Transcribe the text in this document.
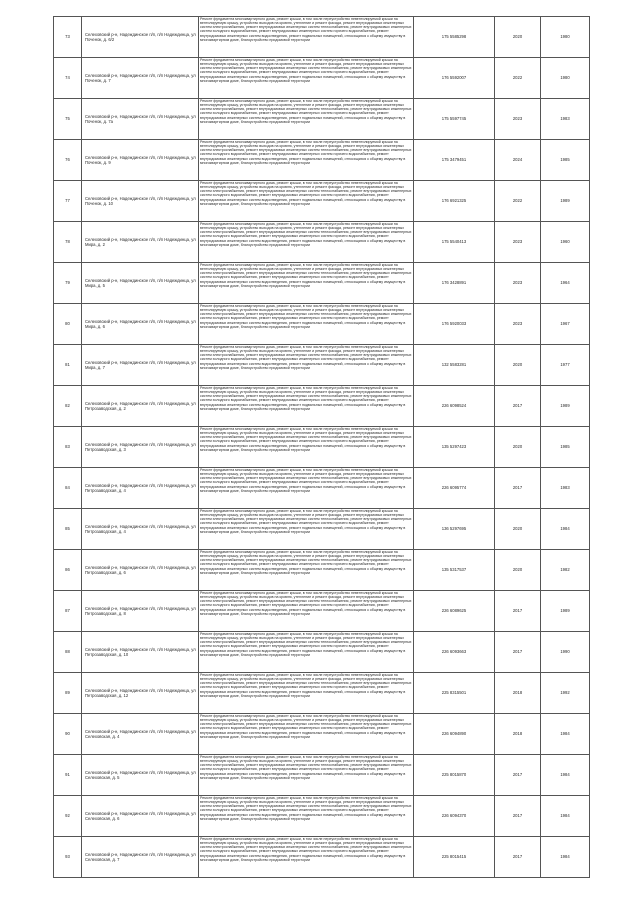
73	Селеховский р-н, Надеждинское п/п, п/п Надеждинца, ул Поченок, д. 6/2	Ремонт фундамента многоквартирного дома, ремонт крыши, в том числе переустройство невентилируемой крыши на вентилируемую крышу, устройство выходов на кровлю, утепление и ремонт фасада, ремонт внутридомовых инженерных систем электроснабжения, ремонт внутридомовых инженерных систем теплоснабжения, ремонт внутридомовых инженерных систем холодного водоснабжения, ремонт внутридомовых инженерных систем горячего водоснабжения, ремонт внутридомовых инженерных систем водоотведения, ремонт подвальных помещений, относящихся к общему имуществу в многоквартирном доме, благоустройство придомовой территории	175 5585298	2020	1980
74	Селеховский р-н, Надеждинское п/п, п/п Надеждинца, ул Поченок, д. 7	Ремонт фундамента многоквартирного дома, ремонт крыши, в том числе переустройство невентилируемой крыши на вентилируемую крышу, устройство выходов на кровлю, утепление и ремонт фасада, ремонт внутридомовых инженерных систем электроснабжения, ремонт внутридомовых инженерных систем теплоснабжения, ремонт внутридомовых инженерных систем холодного водоснабжения, ремонт внутридомовых инженерных систем горячего водоснабжения, ремонт внутридомовых инженерных систем водоотведения, ремонт подвальных помещений, относящихся к общему имуществу в многоквартирном доме, благоустройство придомовой территории	176 5592007	2022	1980
75	Селеховский р-н, Надеждинское п/п, п/п Надеждинца, ул Поченок, д. 7а	Ремонт фундамента многоквартирного дома, ремонт крыши, в том числе переустройство невентилируемой крыши на вентилируемую крышу, устройство выходов на кровлю, утепление и ремонт фасада, ремонт внутридомовых инженерных систем электроснабжения, ремонт внутридомовых инженерных систем теплоснабжения, ремонт внутридомовых инженерных систем холодного водоснабжения, ремонт внутридомовых инженерных систем горячего водоснабжения, ремонт внутридомовых инженерных систем водоотведения, ремонт подвальных помещений, относящихся к общему имуществу в многоквартирном доме, благоустройство придомовой территории	175 5597745	2023	1983
76	Селеховский р-н, Надеждинское п/п, п/п Надеждинца, ул Поченок, д. 9	Ремонт фундамента многоквартирного дома, ремонт крыши, в том числе переустройство невентилируемой крыши на вентилируемую крышу, устройство выходов на кровлю, утепление и ремонт фасада, ремонт внутридомовых инженерных систем электроснабжения, ремонт внутридомовых инженерных систем теплоснабжения, ремонт внутридомовых инженерных систем холодного водоснабжения, ремонт внутридомовых инженерных систем горячего водоснабжения, ремонт внутридомовых инженерных систем водоотведения, ремонт подвальных помещений, относящихся к общему имуществу в многоквартирном доме, благоустройство придомовой территории	175 3479451	2024	1985
77	Селеховский р-н, Надеждинское п/п, п/п Надеждинца, ул Поченок, д. 10	Ремонт фундамента многоквартирного дома, ремонт крыши, в том числе переустройство невентилируемой крыши на вентилируемую крышу, устройство выходов на кровлю, утепление и ремонт фасада, ремонт внутридомовых инженерных систем электроснабжения, ремонт внутридомовых инженерных систем теплоснабжения, ремонт внутридомовых инженерных систем холодного водоснабжения, ремонт внутридомовых инженерных систем горячего водоснабжения, ремонт внутридомовых инженерных систем водоотведения, ремонт подвальных помещений, относящихся к общему имуществу в многоквартирном доме, благоустройство придомовой территории	176 6921325	2022	1989
78	Селеховский р-н, Надеждинское п/п, п/п Надеждинца, ул Мира, д. 2	Ремонт фундамента многоквартирного дома, ремонт крыши, в том числе переустройство невентилируемой крыши на вентилируемую крышу, устройство выходов на кровлю, утепление и ремонт фасада, ремонт внутридомовых инженерных систем электроснабжения, ремонт внутридомовых инженерных систем теплоснабжения, ремонт внутридомовых инженерных систем холодного водоснабжения, ремонт внутридомовых инженерных систем горячего водоснабжения, ремонт внутридомовых инженерных систем водоотведения, ремонт подвальных помещений, относящихся к общему имуществу в многоквартирном доме, благоустройство придомовой территории	175 5540413	2023	1960
79	Селеховский р-н, Надеждинское п/п, п/п Надеждинца, ул Мира, д. 5	Ремонт фундамента многоквартирного дома, ремонт крыши, в том числе переустройство невентилируемой крыши на вентилируемую крышу, устройство выходов на кровлю, утепление и ремонт фасада, ремонт внутридомовых инженерных систем электроснабжения, ремонт внутридомовых инженерных систем теплоснабжения, ремонт внутридомовых инженерных систем холодного водоснабжения, ремонт внутридомовых инженерных систем горячего водоснабжения, ремонт внутридомовых инженерных систем водоотведения, ремонт подвальных помещений, относящихся к общему имуществу в многоквартирном доме, благоустройство придомовой территории	176 3428891	2023	1964
80	Селеховский р-н, Надеждинское п/п, п/п Надеждинца, ул Мира, д. 6	Ремонт фундамента многоквартирного дома, ремонт крыши, в том числе переустройство невентилируемой крыши на вентилируемую крышу, устройство выходов на кровлю, утепление и ремонт фасада, ремонт внутридомовых инженерных систем электроснабжения, ремонт внутридомовых инженерных систем теплоснабжения, ремонт внутридомовых инженерных систем холодного водоснабжения, ремонт внутридомовых инженерных систем горячего водоснабжения, ремонт внутридомовых инженерных систем водоотведения, ремонт подвальных помещений, относящихся к общему имуществу в многоквартирном доме, благоустройство придомовой территории	176 5920033	2023	1967
81	Селеховский р-н, Надеждинское п/п, п/п Надеждинца, ул Мира, д. 7	Ремонт фундамента многоквартирного дома, ремонт крыши, в том числе переустройство невентилируемой крыши на вентилируемую крышу, устройство выходов на кровлю, утепление и ремонт фасада, ремонт внутридомовых инженерных систем электроснабжения, ремонт внутридомовых инженерных систем теплоснабжения, ремонт внутридомовых инженерных систем холодного водоснабжения, ремонт внутридомовых инженерных систем горячего водоснабжения, ремонт внутридомовых инженерных систем водоотведения, ремонт подвальных помещений, относящихся к общему имуществу в многоквартирном доме, благоустройство придомовой территории	132 5583281	2020	1977
82	Селеховский р-н, Надеждинское п/п, п/п Надеждинца, ул Петрозаводская, д. 2	Ремонт фундамента многоквартирного дома, ремонт крыши, в том числе переустройство невентилируемой крыши на вентилируемую крышу, устройство выходов на кровлю, утепление и ремонт фасада, ремонт внутридомовых инженерных систем электроснабжения, ремонт внутридомовых инженерных систем теплоснабжения, ремонт внутридомовых инженерных систем холодного водоснабжения, ремонт внутридомовых инженерных систем горячего водоснабжения, ремонт внутридомовых инженерных систем водоотведения, ремонт подвальных помещений, относящихся к общему имуществу в многоквартирном доме, благоустройство придомовой территории	226 6098524	2017	1989
83	Селеховский р-н, Надеждинское п/п, п/п Надеждинца, ул Петрозаводская, д. 3	Ремонт фундамента многоквартирного дома, ремонт крыши, в том числе переустройство невентилируемой крыши на вентилируемую крышу, устройство выходов на кровлю, утепление и ремонт фасада, ремонт внутридомовых инженерных систем электроснабжения, ремонт внутридомовых инженерных систем теплоснабжения, ремонт внутридомовых инженерных систем холодного водоснабжения, ремонт внутридомовых инженерных систем горячего водоснабжения, ремонт внутридомовых инженерных систем водоотведения, ремонт подвальных помещений, относящихся к общему имуществу в многоквартирном доме, благоустройство придомовой территории	135 5297423	2020	1985
84	Селеховский р-н, Надеждинское п/п, п/п Надеждинца, ул Петрозаводская, д. 4	Ремонт фундамента многоквартирного дома, ремонт крыши, в том числе переустройство невентилируемой крыши на вентилируемую крышу, устройство выходов на кровлю, утепление и ремонт фасада, ремонт внутридомовых инженерных систем электроснабжения, ремонт внутридомовых инженерных систем теплоснабжения, ремонт внутридомовых инженерных систем холодного водоснабжения, ремонт внутридомовых инженерных систем горячего водоснабжения, ремонт внутридомовых инженерных систем водоотведения, ремонт подвальных помещений, относящихся к общему имуществу в многоквартирном доме, благоустройство придомовой территории	226 6095774	2017	1983
85	Селеховский р-н, Надеждинское п/п, п/п Надеждинца, ул Петрозаводская, д. 4	Ремонт фундамента многоквартирного дома, ремонт крыши, в том числе переустройство невентилируемой крыши на вентилируемую крышу, устройство выходов на кровлю, утепление и ремонт фасада, ремонт внутридомовых инженерных систем электроснабжения, ремонт внутридомовых инженерных систем теплоснабжения, ремонт внутридомовых инженерных систем холодного водоснабжения, ремонт внутридомовых инженерных систем горячего водоснабжения, ремонт внутридомовых инженерных систем водоотведения, ремонт подвальных помещений, относящихся к общему имуществу в многоквартирном доме, благоустройство придомовой территории	136 5297695	2020	1984
86	Селеховский р-н, Надеждинское п/п, п/п Надеждинца, ул Петрозаводская, д. 6	Ремонт фундамента многоквартирного дома, ремонт крыши, в том числе переустройство невентилируемой крыши на вентилируемую крышу, устройство выходов на кровлю, утепление и ремонт фасада, ремонт внутридомовых инженерных систем электроснабжения, ремонт внутридомовых инженерных систем теплоснабжения, ремонт внутридомовых инженерных систем холодного водоснабжения, ремонт внутридомовых инженерных систем горячего водоснабжения, ремонт внутридомовых инженерных систем водоотведения, ремонт подвальных помещений, относящихся к общему имуществу в многоквартирном доме, благоустройство придомовой территории	135 5317537	2020	1982
87	Селеховский р-н, Надеждинское п/п, п/п Надеждинца, ул Петрозаводская, д. 8	Ремонт фундамента многоквартирного дома, ремонт крыши, в том числе переустройство невентилируемой крыши на вентилируемую крышу, устройство выходов на кровлю, утепление и ремонт фасада, ремонт внутридомовых инженерных систем электроснабжения, ремонт внутридомовых инженерных систем теплоснабжения, ремонт внутридомовых инженерных систем холодного водоснабжения, ремонт внутридомовых инженерных систем горячего водоснабжения, ремонт внутридомовых инженерных систем водоотведения, ремонт подвальных помещений, относящихся к общему имуществу в многоквартирном доме, благоустройство придомовой территории	226 6089625	2017	1989
88	Селеховский р-н, Надеждинское п/п, п/п Надеждинца, ул Петрозаводская, д. 10	Ремонт фундамента многоквартирного дома, ремонт крыши, в том числе переустройство невентилируемой крыши на вентилируемую крышу, устройство выходов на кровлю, утепление и ремонт фасада, ремонт внутридомовых инженерных систем электроснабжения, ремонт внутридомовых инженерных систем теплоснабжения, ремонт внутридомовых инженерных систем холодного водоснабжения, ремонт внутридомовых инженерных систем горячего водоснабжения, ремонт внутридомовых инженерных систем водоотведения, ремонт подвальных помещений, относящихся к общему имуществу в многоквартирном доме, благоустройство придомовой территории	226 6093663	2017	1990
89	Селеховский р-н, Надеждинское п/п, п/п Надеждинца, ул Петрозаводская, д. 12	Ремонт фундамента многоквартирного дома, ремонт крыши, в том числе переустройство невентилируемой крыши на вентилируемую крышу, устройство выходов на кровлю, утепление и ремонт фасада, ремонт внутридомовых инженерных систем электроснабжения, ремонт внутридомовых инженерных систем теплоснабжения, ремонт внутридомовых инженерных систем холодного водоснабжения, ремонт внутридомовых инженерных систем горячего водоснабжения, ремонт внутридомовых инженерных систем водоотведения, ремонт подвальных помещений, относящихся к общему имуществу в многоквартирном доме, благоустройство придомовой территории	225 8315501	2018	1992
90	Селеховский р-н, Надеждинское п/п, п/п Надеждинца, ул Селеховская, д. 4	Ремонт фундамента многоквартирного дома, ремонт крыши, в том числе переустройство невентилируемой крыши на вентилируемую крышу, устройство выходов на кровлю, утепление и ремонт фасада, ремонт внутридомовых инженерных систем электроснабжения, ремонт внутридомовых инженерных систем теплоснабжения, ремонт внутридомовых инженерных систем холодного водоснабжения, ремонт внутридомовых инженерных систем горячего водоснабжения, ремонт внутридомовых инженерных систем водоотведения, ремонт подвальных помещений, относящихся к общему имуществу в многоквартирном доме, благоустройство придомовой территории	226 6094890	2018	1984
91	Селеховский р-н, Надеждинское п/п, п/п Надеждинца, ул Селеховская, д. 5	Ремонт фундамента многоквартирного дома, ремонт крыши, в том числе переустройство невентилируемой крыши на вентилируемую крышу, устройство выходов на кровлю, утепление и ремонт фасада, ремонт внутридомовых инженерных систем электроснабжения, ремонт внутридомовых инженерных систем теплоснабжения, ремонт внутридомовых инженерных систем холодного водоснабжения, ремонт внутридомовых инженерных систем горячего водоснабжения, ремонт внутридомовых инженерных систем водоотведения, ремонт подвальных помещений, относящихся к общему имуществу в многоквартирном доме, благоустройство придомовой территории	225 8015870	2017	1984
92	Селеховский р-н, Надеждинское п/п, п/п Надеждинца, ул Селеховская, д. 6	Ремонт фундамента многоквартирного дома, ремонт крыши, в том числе переустройство невентилируемой крыши на вентилируемую крышу, устройство выходов на кровлю, утепление и ремонт фасада, ремонт внутридомовых инженерных систем электроснабжения, ремонт внутридомовых инженерных систем теплоснабжения, ремонт внутридомовых инженерных систем холодного водоснабжения, ремонт внутридомовых инженерных систем горячего водоснабжения, ремонт внутридомовых инженерных систем водоотведения, ремонт подвальных помещений, относящихся к общему имуществу в многоквартирном доме, благоустройство придомовой территории	226 6094370	2017	1984
93	Селеховский р-н, Надеждинское п/п, п/п Надеждинца, ул Селеховская, д. 7	Ремонт фундамента многоквартирного дома, ремонт крыши, в том числе переустройство невентилируемой крыши на вентилируемую крышу, устройство выходов на кровлю, утепление и ремонт фасада, ремонт внутридомовых инженерных систем электроснабжения, ремонт внутридомовых инженерных систем теплоснабжения, ремонт внутридомовых инженерных систем холодного водоснабжения, ремонт внутридомовых инженерных систем горячего водоснабжения, ремонт внутридомовых инженерных систем водоотведения, ремонт подвальных помещений, относящихся к общему имуществу в многоквартирном доме, благоустройство придомовой территории	225 8015415	2017	1984
